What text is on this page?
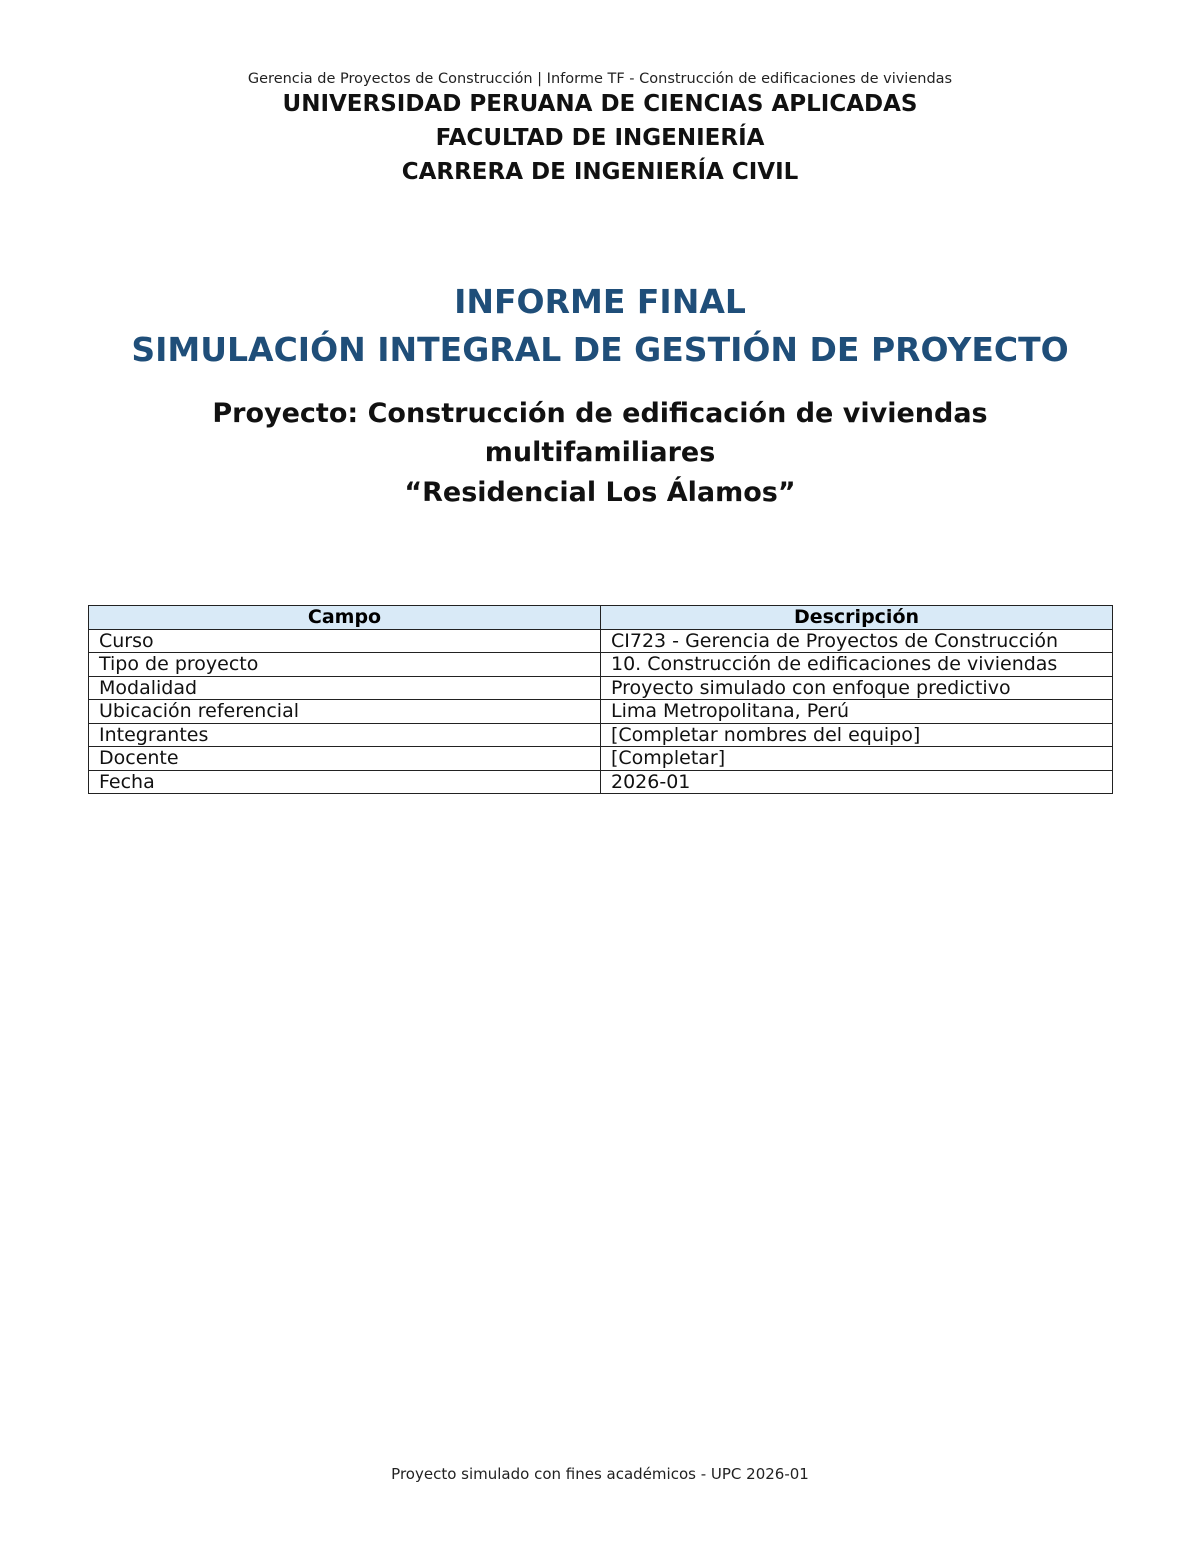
Gerencia de Proyectos de Construcción | Informe TF - Construcción de edificaciones de viviendas
UNIVERSIDAD PERUANA DE CIENCIAS APLICADAS
FACULTAD DE INGENIERÍA
CARRERA DE INGENIERÍA CIVIL
INFORME FINAL
SIMULACIÓN INTEGRAL DE GESTIÓN DE PROYECTO
Proyecto: Construcción de edificación de viviendas
multifamiliares
“Residencial Los Álamos”
Campo	Descripción
Curso	CI723 - Gerencia de Proyectos de Construcción
Tipo de proyecto	10. Construcción de edificaciones de viviendas
Modalidad	Proyecto simulado con enfoque predictivo
Ubicación referencial	Lima Metropolitana, Perú
Integrantes	[Completar nombres del equipo]
Docente	[Completar]
Fecha	2026-01
Proyecto simulado con fines académicos - UPC 2026-01
